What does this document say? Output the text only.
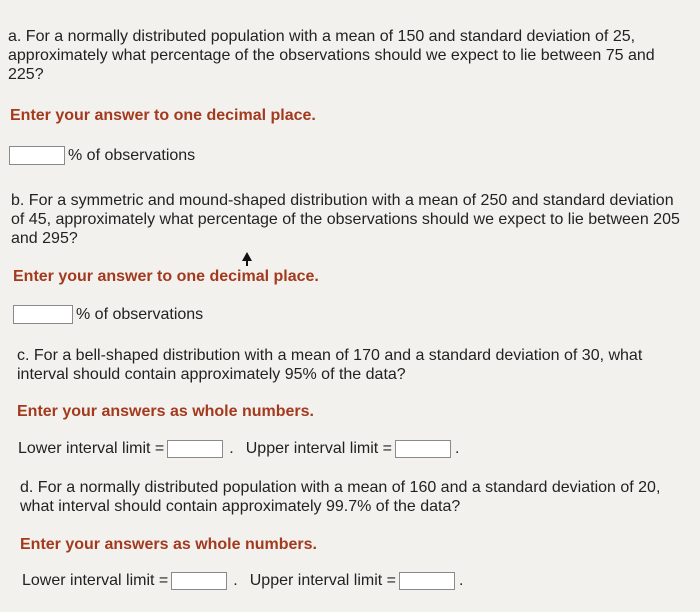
a. For a normally distributed population with a mean of 150 and standard deviation of 25, approximately what percentage of the observations should we expect to lie between 75 and 225?
Enter your answer to one decimal place.
% of observations
b. For a symmetric and mound-shaped distribution with a mean of 250 and standard deviation of 45, approximately what percentage of the observations should we expect to lie between 205 and 295?
Enter your answer to one decimal place.
% of observations
c. For a bell-shaped distribution with a mean of 170 and a standard deviation of 30, what interval should contain approximately 95% of the data?
Enter your answers as whole numbers.
Lower interval limit =	. Upper interval limit =	.
d. For a normally distributed population with a mean of 160 and a standard deviation of 20, what interval should contain approximately 99.7% of the data?
Enter your answers as whole numbers.
Lower interval limit =	. Upper interval limit =	.
